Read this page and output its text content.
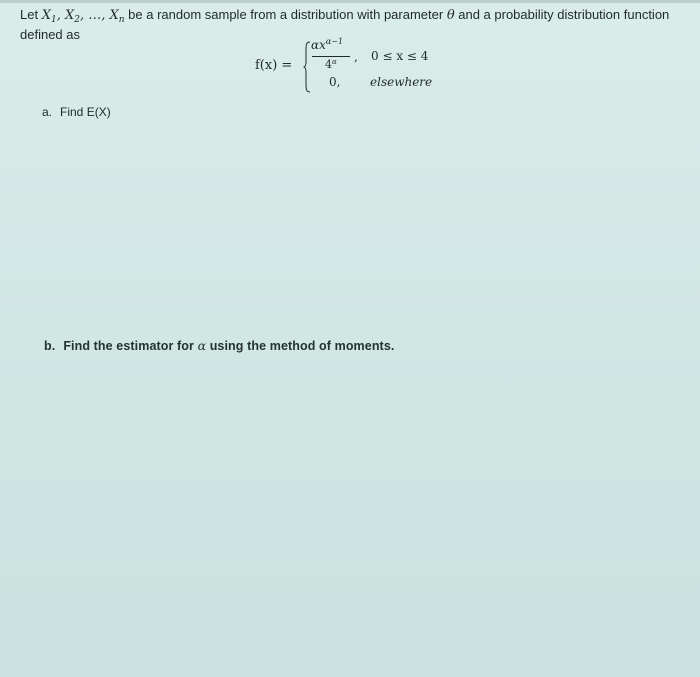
Let $X_1$, $X_2$, …, $X_n$ be a random sample from a distribution with parameter θ and a probability distribution function defined as
f(x) =
$\alpha x^{\alpha-1}$
$4^\alpha$ , 0 ≤ x ≤ 4
0, elsewhere
a. Find E(X)
b. Find the estimator for α using the method of moments.
